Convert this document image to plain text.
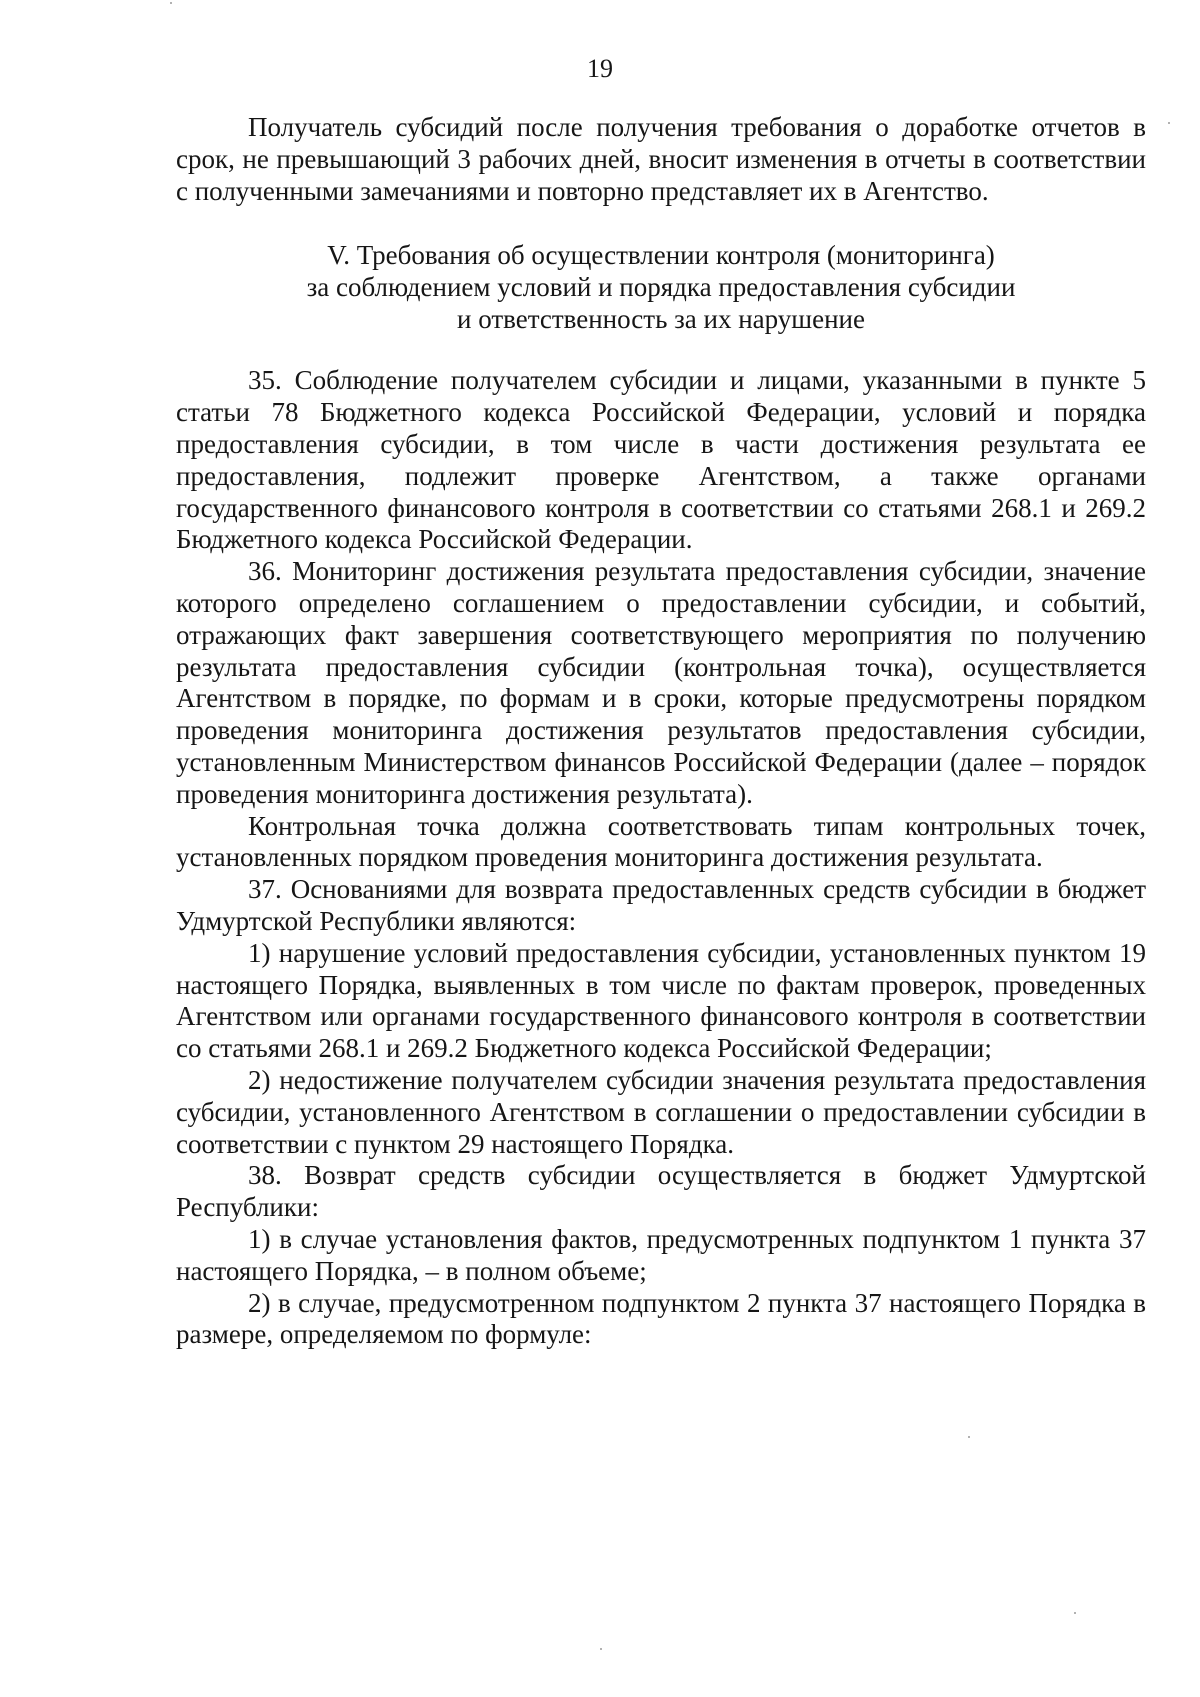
19

Получатель субсидий после получения требования о доработке отчетов в срок, не превышающий 3 рабочих дней, вносит изменения в отчеты в соответствии с полученными замечаниями и повторно представляет их в Агентство.

V. Требования об осуществлении контроля (мониторинга)
за соблюдением условий и порядка предоставления субсидии
и ответственность за их нарушение

35. Соблюдение получателем субсидии и лицами, указанными в пункте 5 статьи 78 Бюджетного кодекса Российской Федерации, условий и порядка предоставления субсидии, в том числе в части достижения результата ее предоставления, подлежит проверке Агентством, а также органами государственного финансового контроля в соответствии со статьями 268.1 и 269.2 Бюджетного кодекса Российской Федерации.

36. Мониторинг достижения результата предоставления субсидии, значение которого определено соглашением о предоставлении субсидии, и событий, отражающих факт завершения соответствующего мероприятия по получению результата предоставления субсидии (контрольная точка), осуществляется Агентством в порядке, по формам и в сроки, которые предусмотрены порядком проведения мониторинга достижения результатов предоставления субсидии, установленным Министерством финансов Российской Федерации (далее – порядок проведения мониторинга достижения результата).

Контрольная точка должна соответствовать типам контрольных точек, установленных порядком проведения мониторинга достижения результата.

37. Основаниями для возврата предоставленных средств субсидии в бюджет Удмуртской Республики являются:

1) нарушение условий предоставления субсидии, установленных пунктом 19 настоящего Порядка, выявленных в том числе по фактам проверок, проведенных Агентством или органами государственного финансового контроля в соответствии со статьями 268.1 и 269.2 Бюджетного кодекса Российской Федерации;

2) недостижение получателем субсидии значения результата предоставления субсидии, установленного Агентством в соглашении о предоставлении субсидии в соответствии с пунктом 29 настоящего Порядка.

38. Возврат средств субсидии осуществляется в бюджет Удмуртской Республики:

1) в случае установления фактов, предусмотренных подпунктом 1 пункта 37 настоящего Порядка, – в полном объеме;

2) в случае, предусмотренном подпунктом 2 пункта 37 настоящего Порядка в размере, определяемом по формуле:
